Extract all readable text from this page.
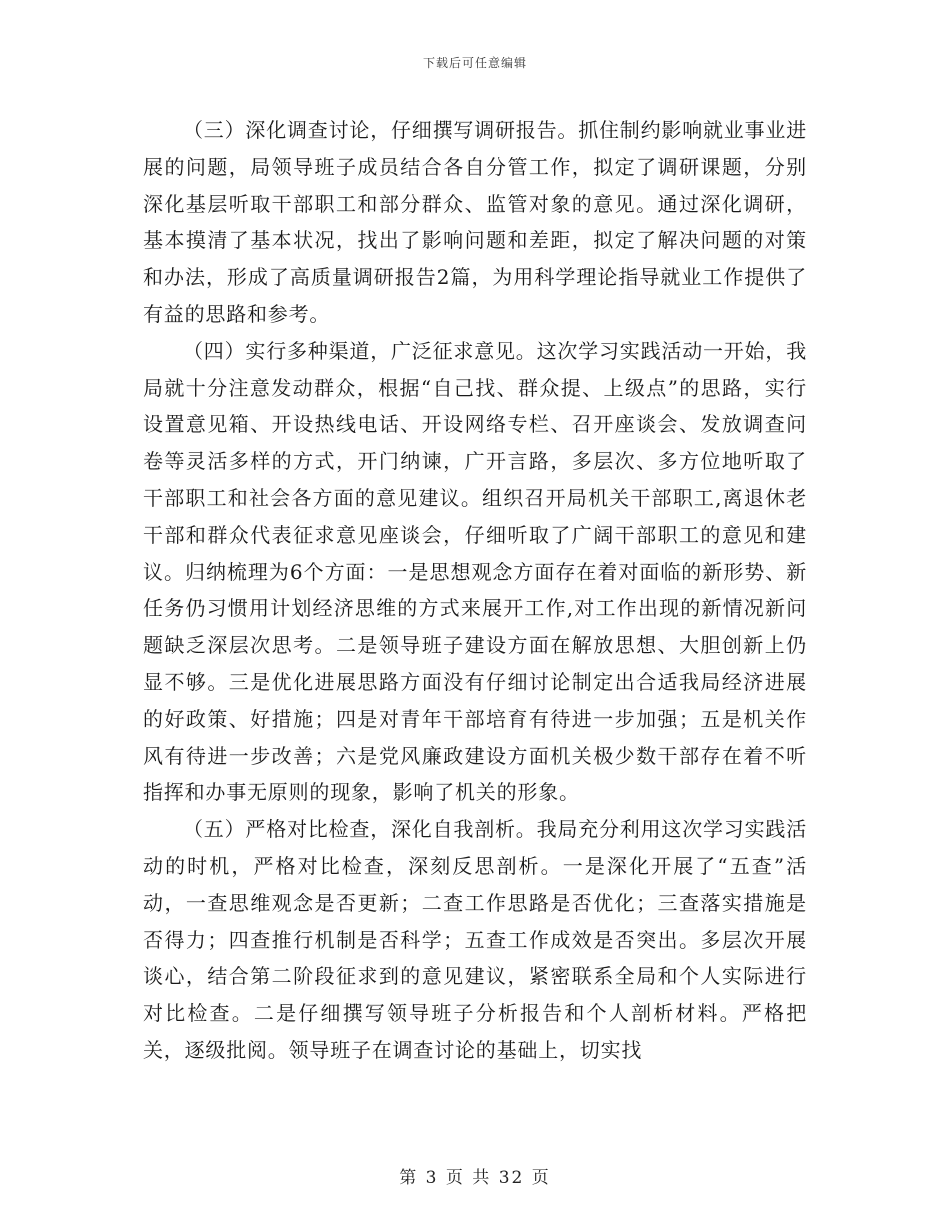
下载后可任意编辑

（三）深化调查讨论，仔细撰写调研报告。抓住制约影响就业事业进展的问题，局领导班子成员结合各自分管工作，拟定了调研课题，分别深化基层听取干部职工和部分群众、监管对象的意见。通过深化调研，基本摸清了基本状况，找出了影响问题和差距，拟定了解决问题的对策和办法，形成了高质量调研报告2篇，为用科学理论指导就业工作提供了有益的思路和参考。

（四）实行多种渠道，广泛征求意见。这次学习实践活动一开始，我局就十分注意发动群众，根据“自己找、群众提、上级点”的思路，实行设置意见箱、开设热线电话、开设网络专栏、召开座谈会、发放调查问卷等灵活多样的方式，开门纳谏，广开言路，多层次、多方位地听取了干部职工和社会各方面的意见建议。组织召开局机关干部职工,离退休老干部和群众代表征求意见座谈会，仔细听取了广阔干部职工的意见和建议。归纳梳理为6个方面：一是思想观念方面存在着对面临的新形势、新任务仍习惯用计划经济思维的方式来展开工作,对工作出现的新情况新问题缺乏深层次思考。二是领导班子建设方面在解放思想、大胆创新上仍显不够。三是优化进展思路方面没有仔细讨论制定出合适我局经济进展的好政策、好措施；四是对青年干部培育有待进一步加强；五是机关作风有待进一步改善；六是党风廉政建设方面机关极少数干部存在着不听指挥和办事无原则的现象，影响了机关的形象。

（五）严格对比检查，深化自我剖析。我局充分利用这次学习实践活动的时机，严格对比检查，深刻反思剖析。一是深化开展了“五查”活动，一查思维观念是否更新；二查工作思路是否优化；三查落实措施是否得力；四查推行机制是否科学；五查工作成效是否突出。多层次开展谈心，结合第二阶段征求到的意见建议，紧密联系全局和个人实际进行对比检查。二是仔细撰写领导班子分析报告和个人剖析材料。严格把关，逐级批阅。领导班子在调查讨论的基础上，切实找

第 3 页 共 32 页
